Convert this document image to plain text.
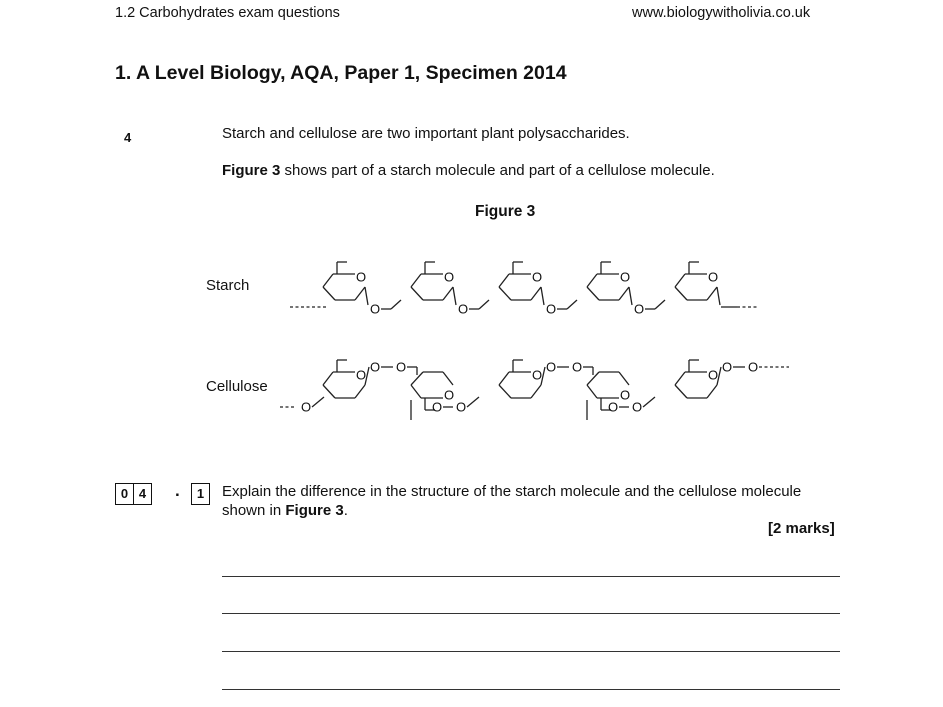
1.2 Carbohydrates exam questions	www.biologywitholivia.co.uk
1. A Level Biology, AQA, Paper 1, Specimen 2014
4	Starch and cellulose are two important plant polysaccharides.
Figure 3 shows part of a starch molecule and part of a cellulose molecule.
Figure 3
Starch
Cellulose
O
O
O
O
O
O
O
O
O
O
O
O O
O
O O
O
O O
O
O O
O
O O
0 4 .	1	Explain the difference in the structure of the starch molecule and the cellulose molecule shown in Figure 3.
[2 marks]
